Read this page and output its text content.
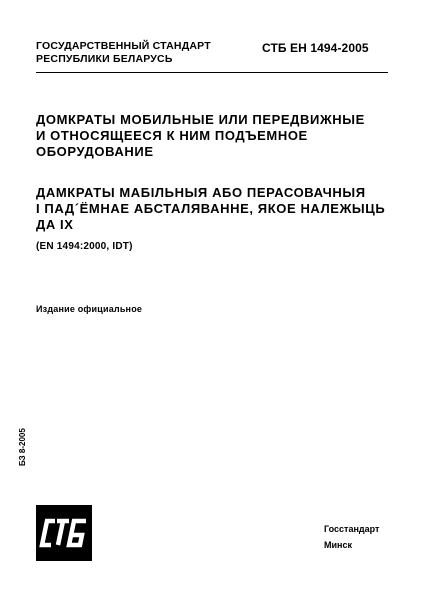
ГОСУДАРСТВЕННЫЙ СТАНДАРТ
РЕСПУБЛИКИ БЕЛАРУСЬ
СТБ ЕН 1494-2005
ДОМКРАТЫ МОБИЛЬНЫЕ ИЛИ ПЕРЕДВИЖНЫЕ
И ОТНОСЯЩЕЕСЯ К НИМ ПОДЪЕМНОЕ
ОБОРУДОВАНИЕ
ДАМКРАТЫ МАБІЛЬНЫЯ АБО ПЕРАСОВАЧНЫЯ
І ПАД´ЁМНАЕ АБСТАЛЯВАННЕ, ЯКОЕ НАЛЕЖЫЦЬ
ДА ІХ
(EN 1494:2000, IDT)
Издание официальное
БЗ 8-2005
Госстандарт
Минск
